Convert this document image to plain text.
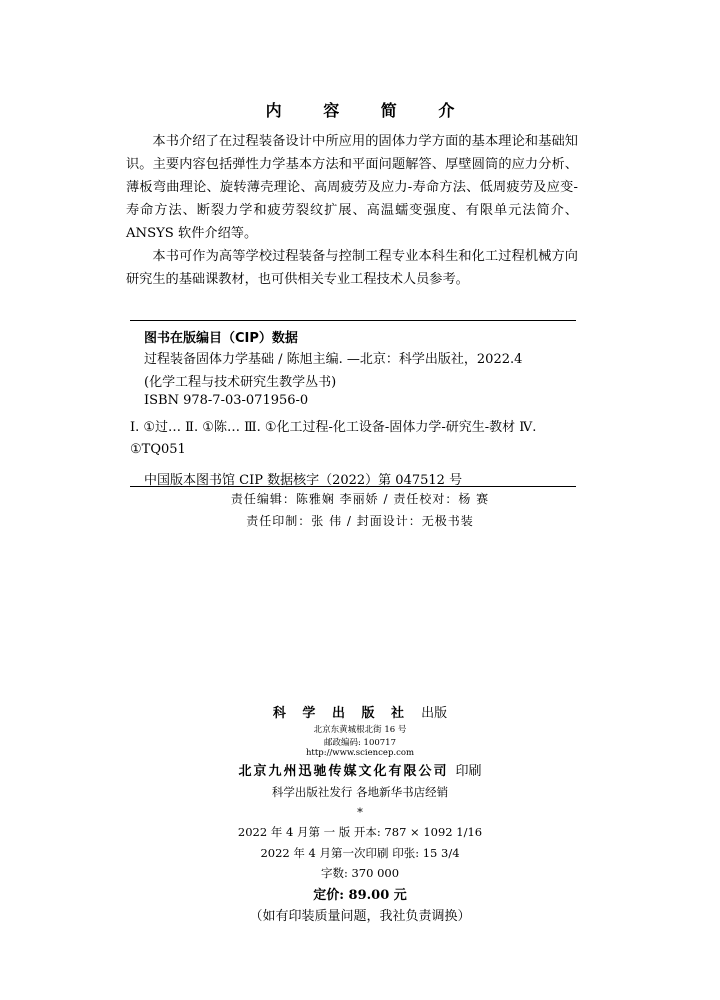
内 容 简 介

本书介绍了在过程装备设计中所应用的固体力学方面的基本理论和基础知识。主要内容包括弹性力学基本方法和平面问题解答、厚壁圆筒的应力分析、薄板弯曲理论、旋转薄壳理论、高周疲劳及应力-寿命方法、低周疲劳及应变-寿命方法、断裂力学和疲劳裂纹扩展、高温蠕变强度、有限单元法简介、ANSYS 软件介绍等。

本书可作为高等学校过程装备与控制工程专业本科生和化工过程机械方向研究生的基础课教材，也可供相关专业工程技术人员参考。

图书在版编目（CIP）数据
过程装备固体力学基础 / 陈旭主编. —北京：科学出版社，2022.4
(化学工程与技术研究生教学丛书)
ISBN 978-7-03-071956-0
Ⅰ. ①过… Ⅱ. ①陈… Ⅲ. ①化工过程-化工设备-固体力学-研究生-教材 Ⅳ. ①TQ051
中国版本图书馆 CIP 数据核字（2022）第 047512 号
责任编辑：陈雅娴 李丽娇 / 责任校对：杨 赛
责任印制：张 伟 / 封面设计：无极书装
科 学 出 版 社 出版
北京东黄城根北街 16 号
邮政编码: 100717
http://www.sciencep.com
北京九州迅驰传媒文化有限公司 印刷
科学出版社发行 各地新华书店经销
*
2022 年 4 月第 一 版 开本: 787 × 1092 1/16
2022 年 4 月第一次印刷 印张: 15 3/4
字数: 370 000
定价: 89.00 元
（如有印装质量问题，我社负责调换）
